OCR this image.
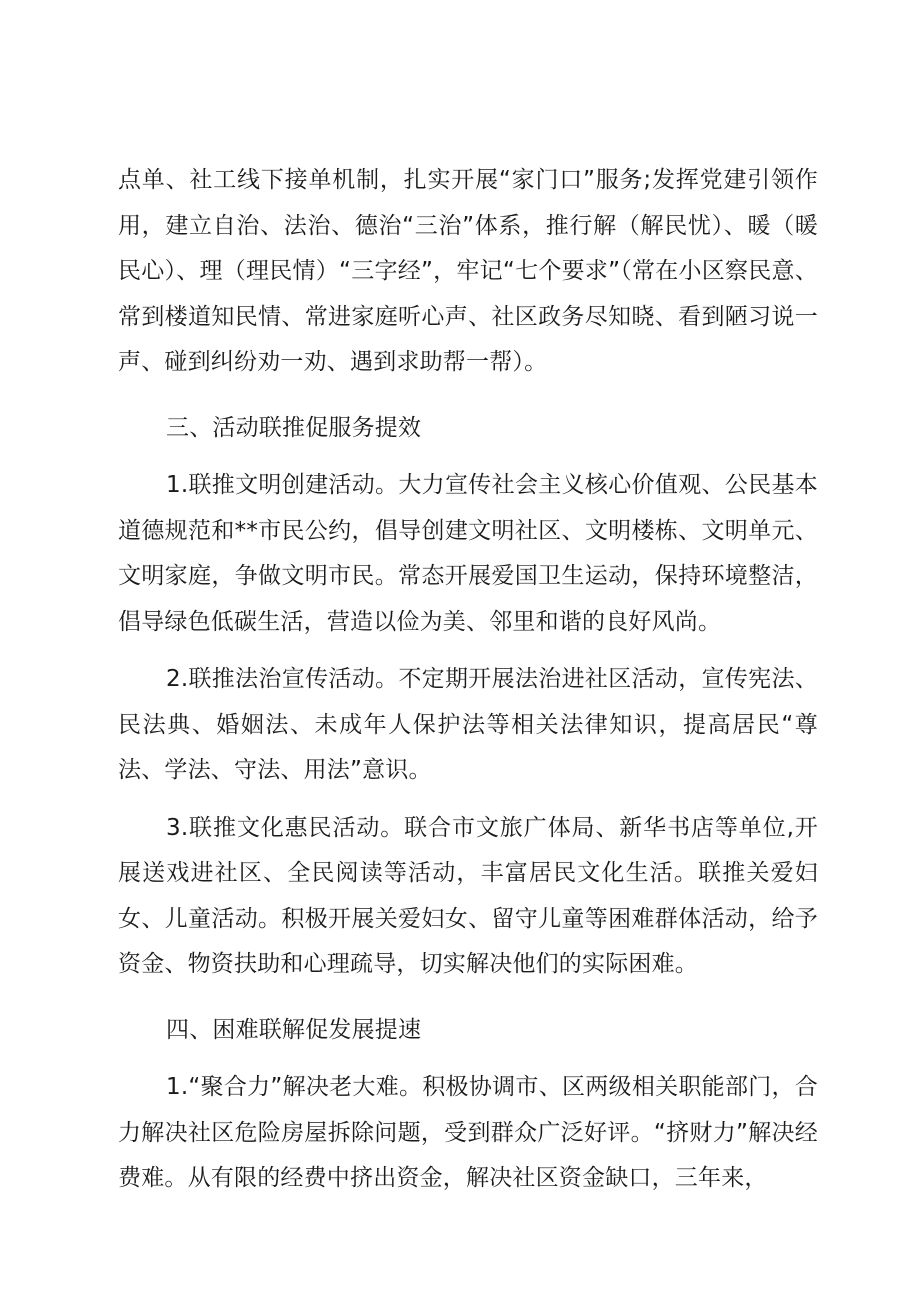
点单、社工线下接单机制，扎实开展“家门口”服务;发挥党建引领作用，建立自治、法治、德治“三治”体系，推行解（解民忧）、暖（暖民心）、理（理民情）“三字经”，牢记“七个要求”（常在小区察民意、常到楼道知民情、常进家庭听心声、社区政务尽知晓、看到陋习说一声、碰到纠纷劝一劝、遇到求助帮一帮）。

三、活动联推促服务提效

1.联推文明创建活动。大力宣传社会主义核心价值观、公民基本道德规范和**市民公约，倡导创建文明社区、文明楼栋、文明单元、文明家庭，争做文明市民。常态开展爱国卫生运动，保持环境整洁，倡导绿色低碳生活，营造以俭为美、邻里和谐的良好风尚。

2.联推法治宣传活动。不定期开展法治进社区活动，宣传宪法、民法典、婚姻法、未成年人保护法等相关法律知识，提高居民“尊法、学法、守法、用法”意识。

3.联推文化惠民活动。联合市文旅广体局、新华书店等单位,开展送戏进社区、全民阅读等活动，丰富居民文化生活。联推关爱妇女、儿童活动。积极开展关爱妇女、留守儿童等困难群体活动，给予资金、物资扶助和心理疏导，切实解决他们的实际困难。

四、困难联解促发展提速

1.“聚合力”解决老大难。积极协调市、区两级相关职能部门，合力解决社区危险房屋拆除问题，受到群众广泛好评。“挤财力”解决经费难。从有限的经费中挤出资金，解决社区资金缺口，三年来，
